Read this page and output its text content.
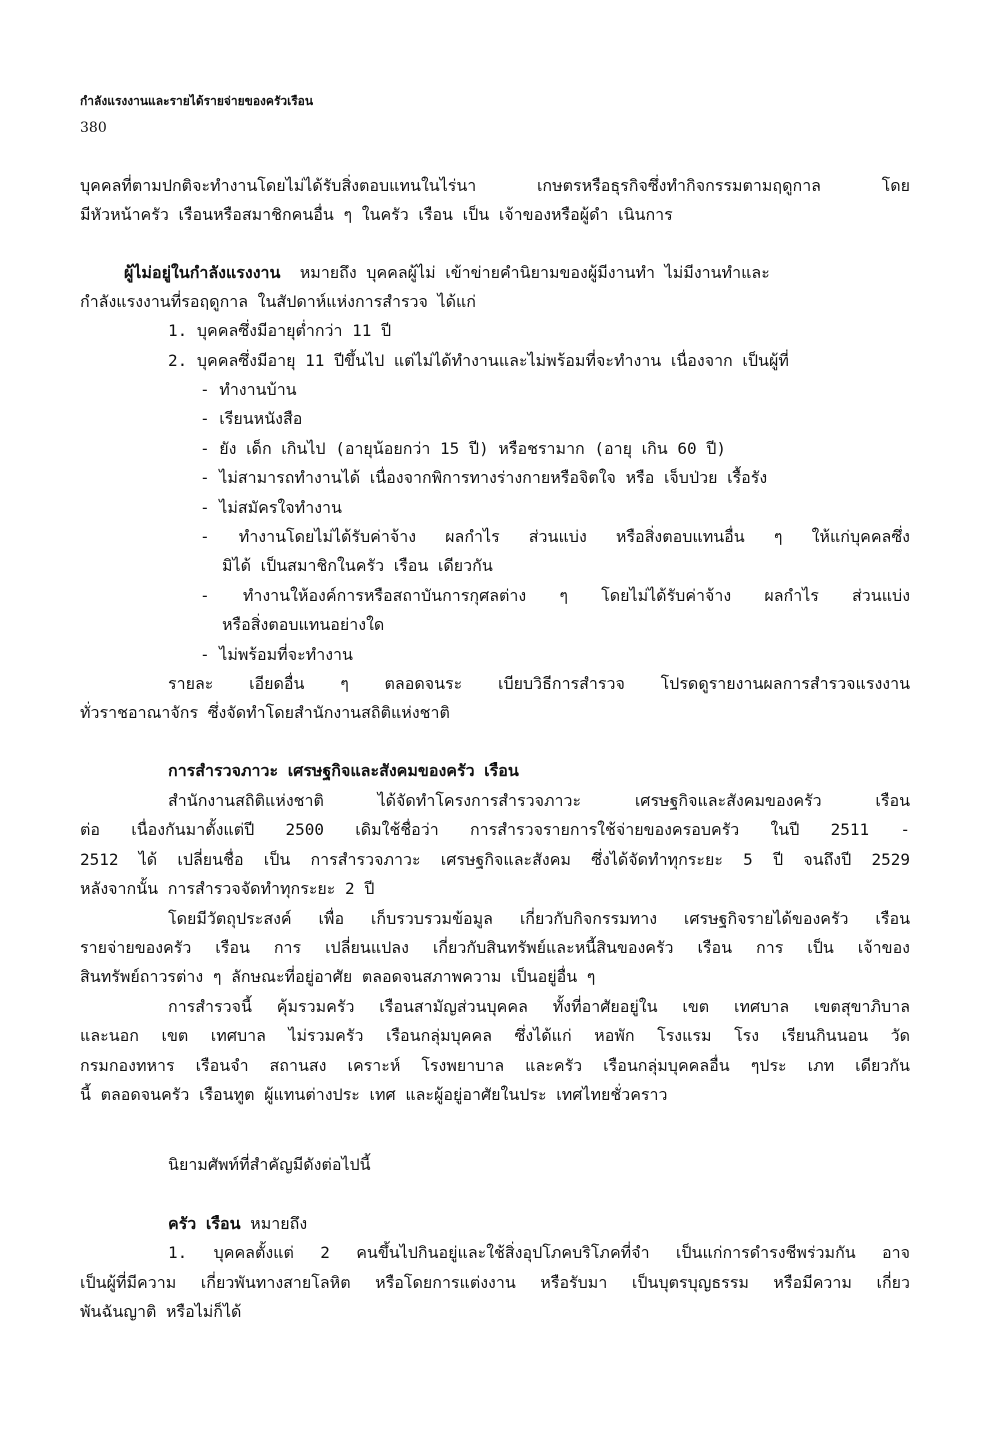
กำลังแรงงานและรายได้รายจ่ายของครัวเรือน
380
บุคคลที่ตามปกติจะทำงานโดยไม่ได้รับสิ่งตอบแทนในไร่นา เกษตรหรือธุรกิจซึ่งทำกิจกรรมตามฤดูกาล โดย
มีหัวหน้าครัว เรือนหรือสมาชิกคนอื่น ๆ ในครัว เรือน เป็น เจ้าของหรือผู้ดำ เนินการ
ผู้ไม่อยู่ในกำลังแรงงาน หมายถึง บุคคลผู้ไม่ เข้าข่ายคำนิยามของผู้มีงานทำ ไม่มีงานทำและ
กำลังแรงงานที่รอฤดูกาล ในสัปดาห์แห่งการสำรวจ ได้แก่
1. บุคคลซึ่งมีอายุต่ำกว่า 11 ปี
2. บุคคลซึ่งมีอายุ 11 ปีขึ้นไป แต่ไม่ได้ทำงานและไม่พร้อมที่จะทำงาน เนื่องจาก เป็นผู้ที่
- ทำงานบ้าน
- เรียนหนังสือ
- ยัง เด็ก เกินไป (อายุน้อยกว่า 15 ปี) หรือชรามาก (อายุ เกิน 60 ปี)
- ไม่สามารถทำงานได้ เนื่องจากพิการทางร่างกายหรือจิตใจ หรือ เจ็บป่วย เรื้อรัง
- ไม่สมัครใจทำงาน
- ทำงานโดยไม่ได้รับค่าจ้าง ผลกำไร ส่วนแบ่ง หรือสิ่งตอบแทนอื่น ๆ ให้แก่บุคคลซึ่ง
มิได้ เป็นสมาชิกในครัว เรือน เดียวกัน
- ทำงานให้องค์การหรือสถาบันการกุศลต่าง ๆ โดยไม่ได้รับค่าจ้าง ผลกำไร ส่วนแบ่ง
หรือสิ่งตอบแทนอย่างใด
- ไม่พร้อมที่จะทำงาน
รายละ เอียดอื่น ๆ ตลอดจนระ เบียบวิธีการสำรวจ โปรดดูรายงานผลการสำรวจแรงงาน
ทั่วราชอาณาจักร ซึ่งจัดทำโดยสำนักงานสถิติแห่งชาติ
การสำรวจภาวะ เศรษฐกิจและสังคมของครัว เรือน
สำนักงานสถิติแห่งชาติ ได้จัดทำโครงการสำรวจภาวะ เศรษฐกิจและสังคมของครัว เรือน
ต่อ เนื่องกันมาตั้งแต่ปี 2500 เดิมใช้ชื่อว่า การสำรวจรายการใช้จ่ายของครอบครัว ในปี 2511 -
2512 ได้ เปลี่ยนชื่อ เป็น การสำรวจภาวะ เศรษฐกิจและสังคม ซึ่งได้จัดทำทุกระยะ 5 ปี จนถึงปี 2529
หลังจากนั้น การสำรวจจัดทำทุกระยะ 2 ปี
โดยมีวัตถุประสงค์ เพื่อ เก็บรวบรวมข้อมูล เกี่ยวกับกิจกรรมทาง เศรษฐกิจรายได้ของครัว เรือน
รายจ่ายของครัว เรือน การ เปลี่ยนแปลง เกี่ยวกับสินทรัพย์และหนี้สินของครัว เรือน การ เป็น เจ้าของ
สินทรัพย์ถาวรต่าง ๆ ลักษณะที่อยู่อาศัย ตลอดจนสภาพความ เป็นอยู่อื่น ๆ
การสำรวจนี้ คุ้มรวมครัว เรือนสามัญส่วนบุคคล ทั้งที่อาศัยอยู่ใน เขต เทศบาล เขตสุขาภิบาล
และนอก เขต เทศบาล ไม่รวมครัว เรือนกลุ่มบุคคล ซึ่งได้แก่ หอพัก โรงแรม โรง เรียนกินนอน วัด
กรมกองทหาร เรือนจำ สถานสง เคราะห์ โรงพยาบาล และครัว เรือนกลุ่มบุคคลอื่น ๆประ เภท เดียวกัน
นี้ ตลอดจนครัว เรือนทูต ผู้แทนต่างประ เทศ และผู้อยู่อาศัยในประ เทศไทยชั่วคราว
นิยามศัพท์ที่สำคัญมีดังต่อไปนี้
ครัว เรือน หมายถึง
1. บุคคลตั้งแต่ 2 คนขึ้นไปกินอยู่และใช้สิ่งอุปโภคบริโภคที่จำ เป็นแก่การดำรงชีพร่วมกัน อาจ
เป็นผู้ที่มีความ เกี่ยวพันทางสายโลหิต หรือโดยการแต่งงาน หรือรับมา เป็นบุตรบุญธรรม หรือมีความ เกี่ยว
พันฉันญาติ หรือไม่ก็ได้
